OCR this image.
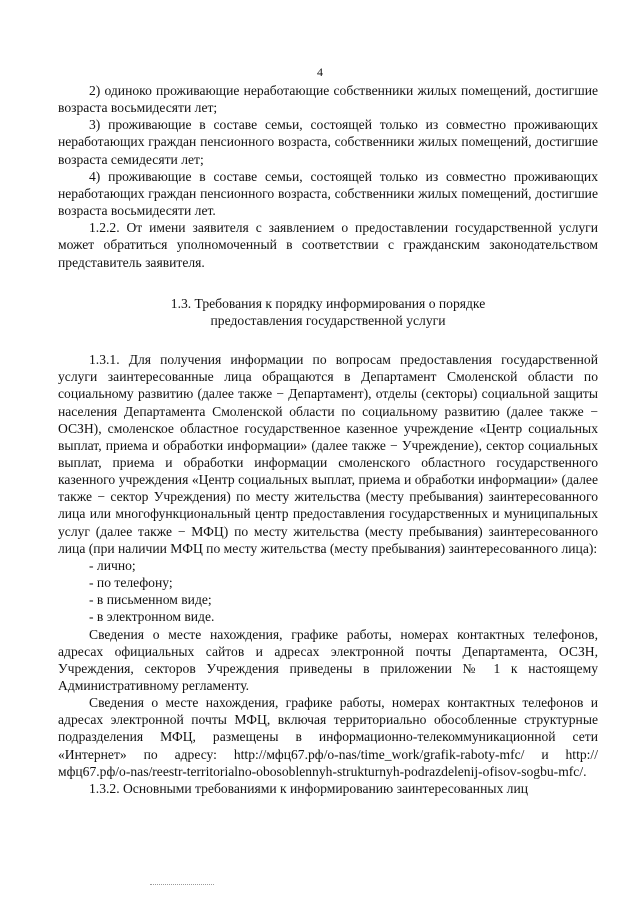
4

2) одиноко проживающие неработающие собственники жилых помещений, достигшие возраста восьмидесяти лет;

3) проживающие в составе семьи, состоящей только из совместно проживающих неработающих граждан пенсионного возраста, собственники жилых помещений, достигшие возраста семидесяти лет;

4) проживающие в составе семьи, состоящей только из совместно проживающих неработающих граждан пенсионного возраста, собственники жилых помещений, достигшие возраста восьмидесяти лет.

1.2.2. От имени заявителя с заявлением о предоставлении государственной услуги может обратиться уполномоченный в соответствии с гражданским законодательством представитель заявителя.

1.3. Требования к порядку информирования о порядке
предоставления государственной услуги

1.3.1. Для получения информации по вопросам предоставления государственной услуги заинтересованные лица обращаются в Департамент Смоленской области по социальному развитию (далее также − Департамент), отделы (секторы) социальной защиты населения Департамента Смоленской области по социальному развитию (далее также − ОСЗН), смоленское областное государственное казенное учреждение «Центр социальных выплат, приема и обработки информации» (далее также − Учреждение), сектор социальных выплат, приема и обработки информации смоленского областного государственного казенного учреждения «Центр социальных выплат, приема и обработки информации» (далее также − сектор Учреждения) по месту жительства (месту пребывания) заинтересованного лица или многофункциональный центр предоставления государственных и муниципальных услуг (далее также − МФЦ) по месту жительства (месту пребывания) заинтересованного лица (при наличии МФЦ по месту жительства (месту пребывания) заинтересованного лица):

- лично;

- по телефону;

- в письменном виде;

- в электронном виде.

Сведения о месте нахождения, графике работы, номерах контактных телефонов, адресах официальных сайтов и адресах электронной почты Департамента, ОСЗН, Учреждения, секторов Учреждения приведены в приложении № 1 к настоящему Административному регламенту.

Сведения о месте нахождения, графике работы, номерах контактных телефонов и адресах электронной почты МФЦ, включая территориально обособленные структурные подразделения МФЦ, размещены в информационно-телекоммуникационной сети «Интернет» по адресу: http://мфц67.рф/o-nas/time_work/grafik-raboty-mfc/ и http://мфц67.рф/o-nas/reestr-territorialno-obosoblennyh-strukturnyh-podrazdelenij-ofisov-sogbu-mfc/.

1.3.2. Основными требованиями к информированию заинтересованных лиц
